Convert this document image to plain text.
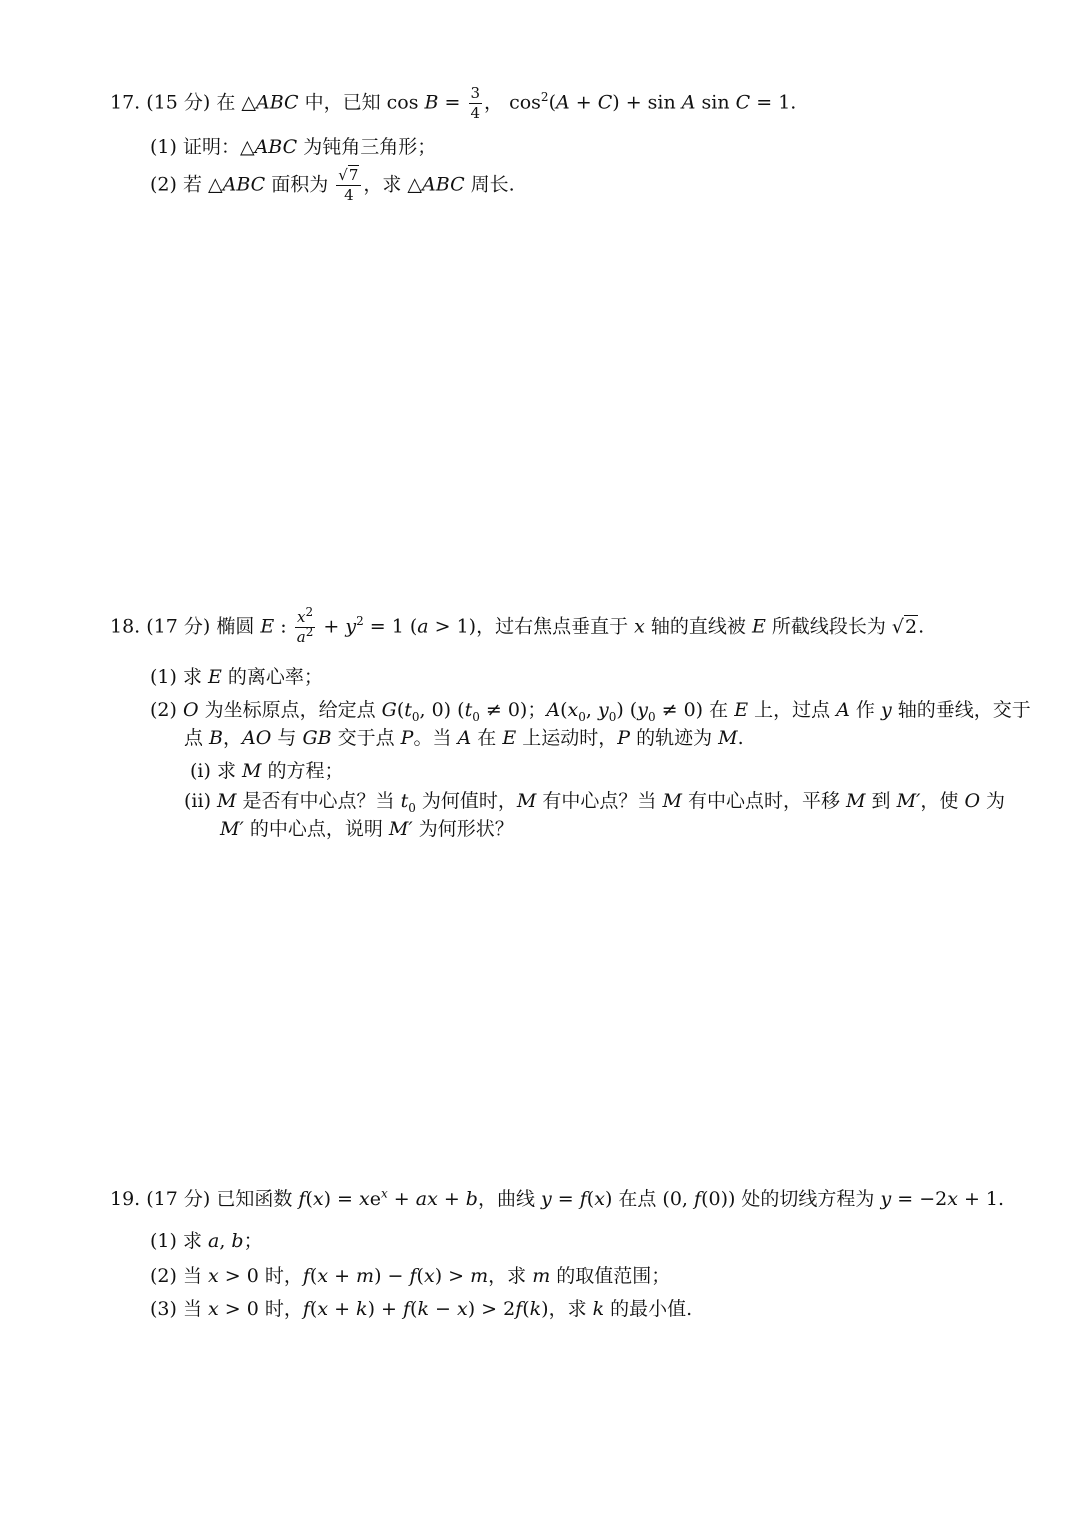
17. (15 分) 在 △ABC 中，已知 $\cos B = \frac{3}{4}$ ， $\cos^2(A + C) + \sin A$ sin C = 1.
(1) 证明：△ABC 为钝角三角形；
(2) 若 △ABC 面积为 $\frac{√7}{4}$ ，求 △ABC 周长.
18. (17 分) 椭圆 E : $\frac{x^2}{a^2} + y^2 = 1$ (a > 1)，过右焦点垂直于 x 轴的直线被 E 所截线段长为 √2.
(1) 求 E 的离心率；
(2) O 为坐标原点，给定点 $G(t_0$, 0) $(t_0 \ne 0)$；$A(x_0$, $y_0$) $(y_0 \ne 0)$ 在 E 上，过点 A 作 y 轴的垂线，交于
点 B，AO 与 GB 交于点 P。当 A 在 E 上运动时，P 的轨迹为 M.
(i) 求 M 的方程；
(ii) M 是否有中心点？当 $t_0$ 为何值时，M 有中心点？当 M 有中心点时，平移 M 到 M′，使 O 为
M′ 的中心点，说明 M′ 为何形状？
19. (17 分) 已知函数 $f(x) = xe^x$ + ax + b，曲线 y = f(x) 在点 (0, f(0)) 处的切线方程为 y = −2x + 1.
(1) 求 a, b；
(2) 当 x > 0 时，f(x + m) − f(x) > m，求 m 的取值范围；
(3) 当 x > 0 时，f(x + k) + f(k − x) > 2f(k)，求 k 的最小值.
